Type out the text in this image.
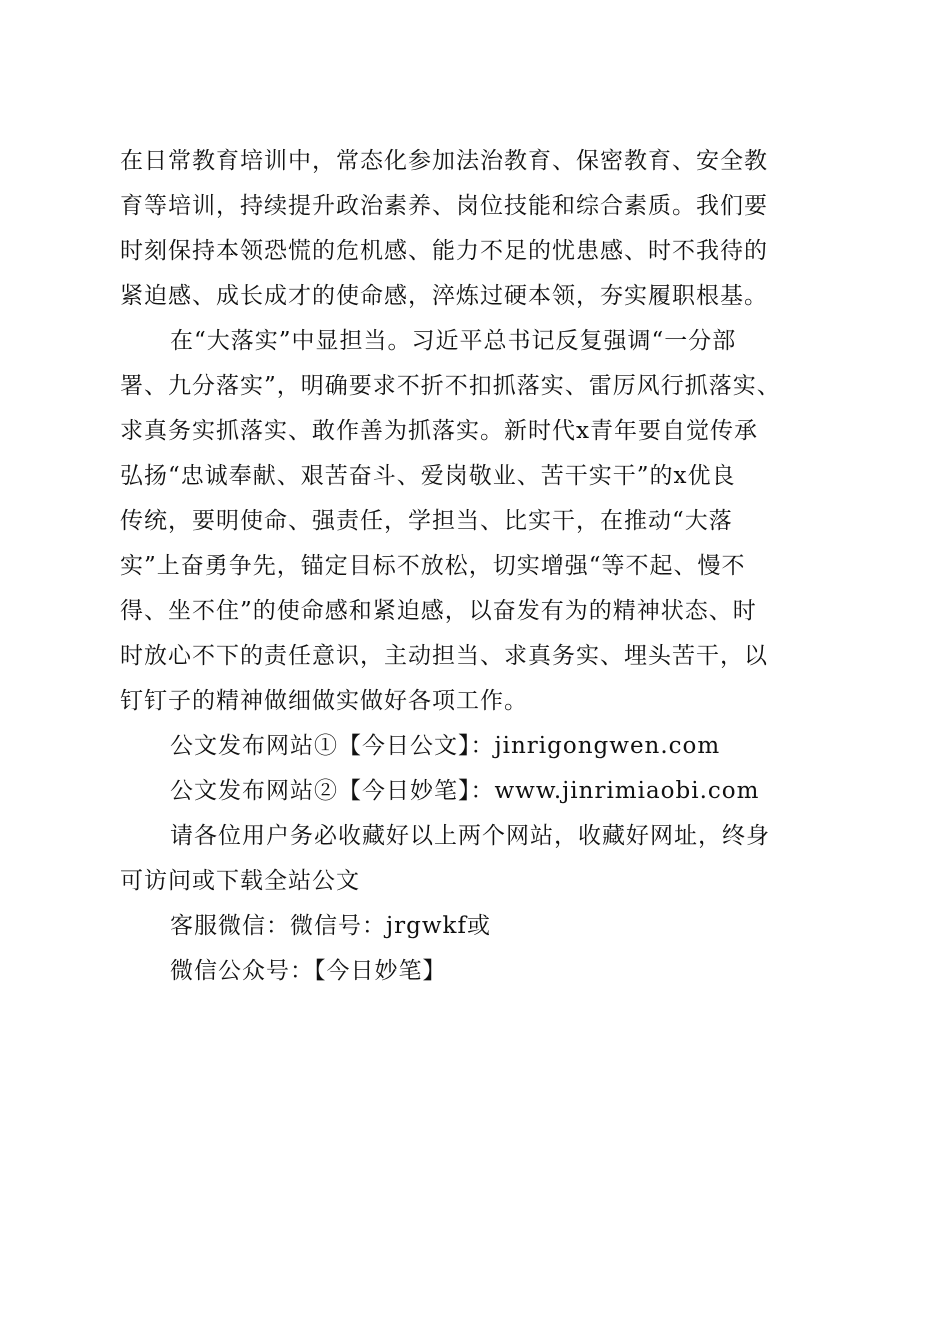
在日常教育培训中，常态化参加法治教育、保密教育、安全教
育等培训，持续提升政治素养、岗位技能和综合素质。我们要
时刻保持本领恐慌的危机感、能力不足的忧患感、时不我待的
紧迫感、成长成才的使命感，淬炼过硬本领，夯实履职根基。
在“大落实”中显担当。习近平总书记反复强调“一分部
署、九分落实”，明确要求不折不扣抓落实、雷厉风行抓落实、
求真务实抓落实、敢作善为抓落实。新时代x青年要自觉传承
弘扬“忠诚奉献、艰苦奋斗、爱岗敬业、苦干实干”的x优良
传统，要明使命、强责任，学担当、比实干，在推动“大落
实”上奋勇争先，锚定目标不放松，切实增强“等不起、慢不
得、坐不住”的使命感和紧迫感，以奋发有为的精神状态、时
时放心不下的责任意识，主动担当、求真务实、埋头苦干，以
钉钉子的精神做细做实做好各项工作。
公文发布网站①【今日公文】：jinrigongwen.com
公文发布网站②【今日妙笔】：www.jinrimiaobi.com
请各位用户务必收藏好以上两个网站，收藏好网址，终身
可访问或下载全站公文
客服微信：微信号：jrgwkf或
微信公众号：【今日妙笔】
